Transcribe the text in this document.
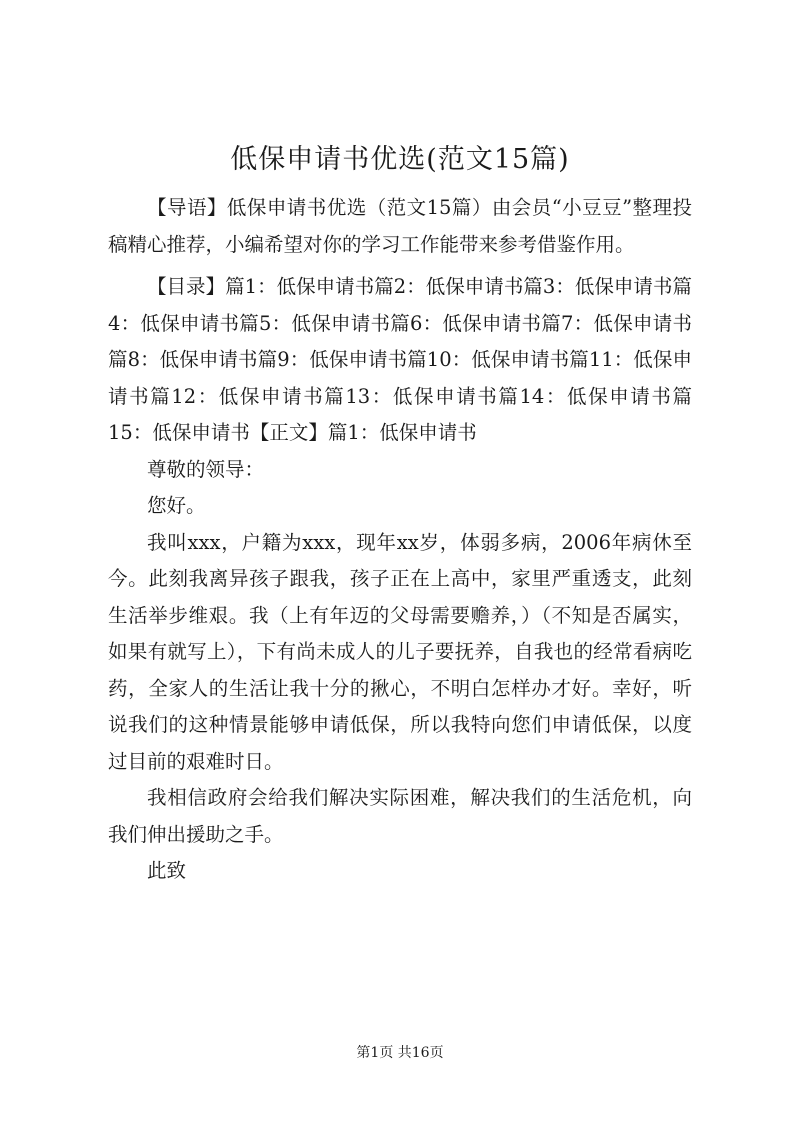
低保申请书优选(范文15篇)

【导语】低保申请书优选（范文15篇）由会员“小豆豆”整理投稿精心推荐，小编希望对你的学习工作能带来参考借鉴作用。

【目录】篇1：低保申请书篇2：低保申请书篇3：低保申请书篇4：低保申请书篇5：低保申请书篇6：低保申请书篇7：低保申请书篇8：低保申请书篇9：低保申请书篇10：低保申请书篇11：低保申请书篇12：低保申请书篇13：低保申请书篇14：低保申请书篇15：低保申请书【正文】篇1：低保申请书

尊敬的领导：

您好。

我叫xxx，户籍为xxx，现年xx岁，体弱多病，2006年病休至今。此刻我离异孩子跟我，孩子正在上高中，家里严重透支，此刻生活举步维艰。我（上有年迈的父母需要赡养，）（不知是否属实，如果有就写上），下有尚未成人的儿子要抚养，自我也的经常看病吃药，全家人的生活让我十分的揪心，不明白怎样办才好。幸好，听说我们的这种情景能够申请低保，所以我特向您们申请低保，以度过目前的艰难时日。

我相信政府会给我们解决实际困难，解决我们的生活危机，向我们伸出援助之手。

此致

第1页 共16页
